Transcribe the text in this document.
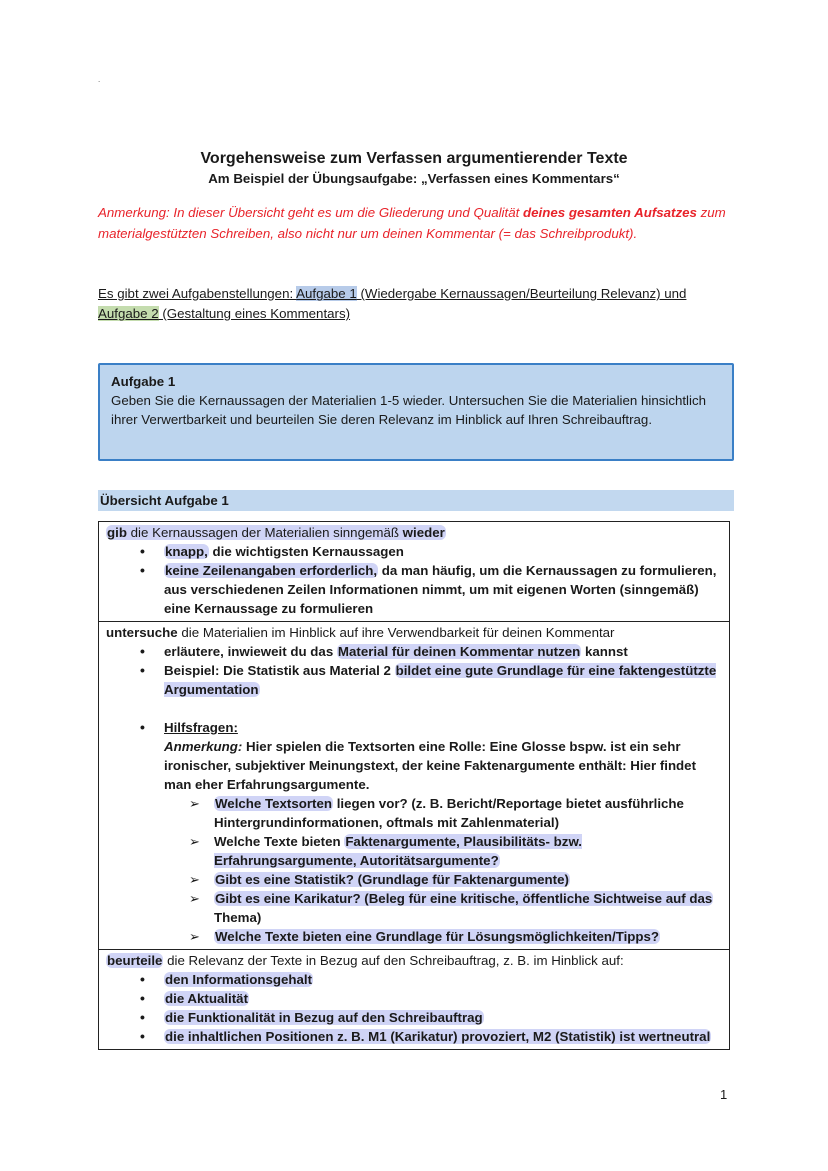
.
Vorgehensweise zum Verfassen argumentierender Texte
Am Beispiel der Übungsaufgabe: „Verfassen eines Kommentars“
Anmerkung: In dieser Übersicht geht es um die Gliederung und Qualität deines gesamten Aufsatzes zum materialgestützten Schreiben, also nicht nur um deinen Kommentar (= das Schreibprodukt).
Es gibt zwei Aufgabenstellungen: Aufgabe 1 (Wiedergabe Kernaussagen/Beurteilung Relevanz) und Aufgabe 2 (Gestaltung eines Kommentars)
Aufgabe 1
Geben Sie die Kernaussagen der Materialien 1-5 wieder. Untersuchen Sie die Materialien hinsichtlich ihrer Verwertbarkeit und beurteilen Sie deren Relevanz im Hinblick auf Ihren Schreibauftrag.
Übersicht Aufgabe 1
gib die Kernaussagen der Materialien sinngemäß wieder
• knapp, die wichtigsten Kernaussagen
• keine Zeilenangaben erforderlich, da man häufig, um die Kernaussagen zu formulieren, aus verschiedenen Zeilen Informationen nimmt, um mit eigenen Worten (sinngemäß) eine Kernaussage zu formulieren

untersuche die Materialien im Hinblick auf ihre Verwendbarkeit für deinen Kommentar
• erläutere, inwieweit du das Material für deinen Kommentar nutzen kannst
• Beispiel: Die Statistik aus Material 2 bildet eine gute Grundlage für eine faktengestützte Argumentation
• Hilfsfragen:
Anmerkung: Hier spielen die Textsorten eine Rolle: Eine Glosse bspw. ist ein sehr ironischer, subjektiver Meinungstext, der keine Faktenargumente enthält: Hier findet man eher Erfahrungsargumente.
➢ Welche Textsorten liegen vor? (z. B. Bericht/Reportage bietet ausführliche Hintergrundinformationen, oftmals mit Zahlenmaterial)
➢ Welche Texte bieten Faktenargumente, Plausibilitäts- bzw. Erfahrungsargumente, Autoritätsargumente?
➢ Gibt es eine Statistik? (Grundlage für Faktenargumente)
➢ Gibt es eine Karikatur? (Beleg für eine kritische, öffentliche Sichtweise auf das Thema)
➢ Welche Texte bieten eine Grundlage für Lösungsmöglichkeiten/Tipps?

beurteile die Relevanz der Texte in Bezug auf den Schreibauftrag, z. B. im Hinblick auf:
• den Informationsgehalt
• die Aktualität
• die Funktionalität in Bezug auf den Schreibauftrag
• die inhaltlichen Positionen z. B. M1 (Karikatur) provoziert, M2 (Statistik) ist wertneutral
1
